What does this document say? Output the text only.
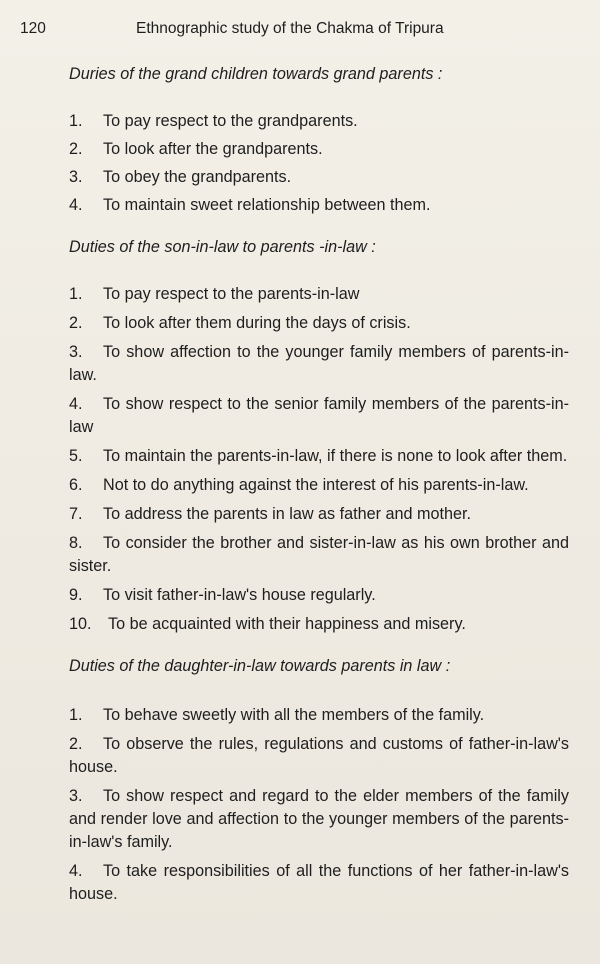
120	Ethnographic study of the Chakma of Tripura

Duries of the grand children towards grand parents :

1. To pay respect to the grandparents.
2. To look after the grandparents.
3. To obey the grandparents.
4. To maintain sweet relationship between them.

Duties of the son-in-law to parents -in-law :

1. To pay respect to the parents-in-law
2. To look after them during the days of crisis.
3. To show affection to the younger family members of parents-in-law.
4. To show respect to the senior family members of the parents-in-law
5. To maintain the parents-in-law, if there is none to look after them.
6. Not to do anything against the interest of his parents-in-law.
7. To address the parents in law as father and mother.
8. To consider the brother and sister-in-law as his own brother and sister.
9. To visit father-in-law's house regularly.
10. To be acquainted with their happiness and misery.

Duties of the daughter-in-law towards parents in law :

1. To behave sweetly with all the members of the family.
2. To observe the rules, regulations and customs of father-in-law's house.
3. To show respect and regard to the elder members of the family and render love and affection to the younger members of the parents-in-law's family.
4. To take responsibilities of all the functions of her father-in-law's house.
